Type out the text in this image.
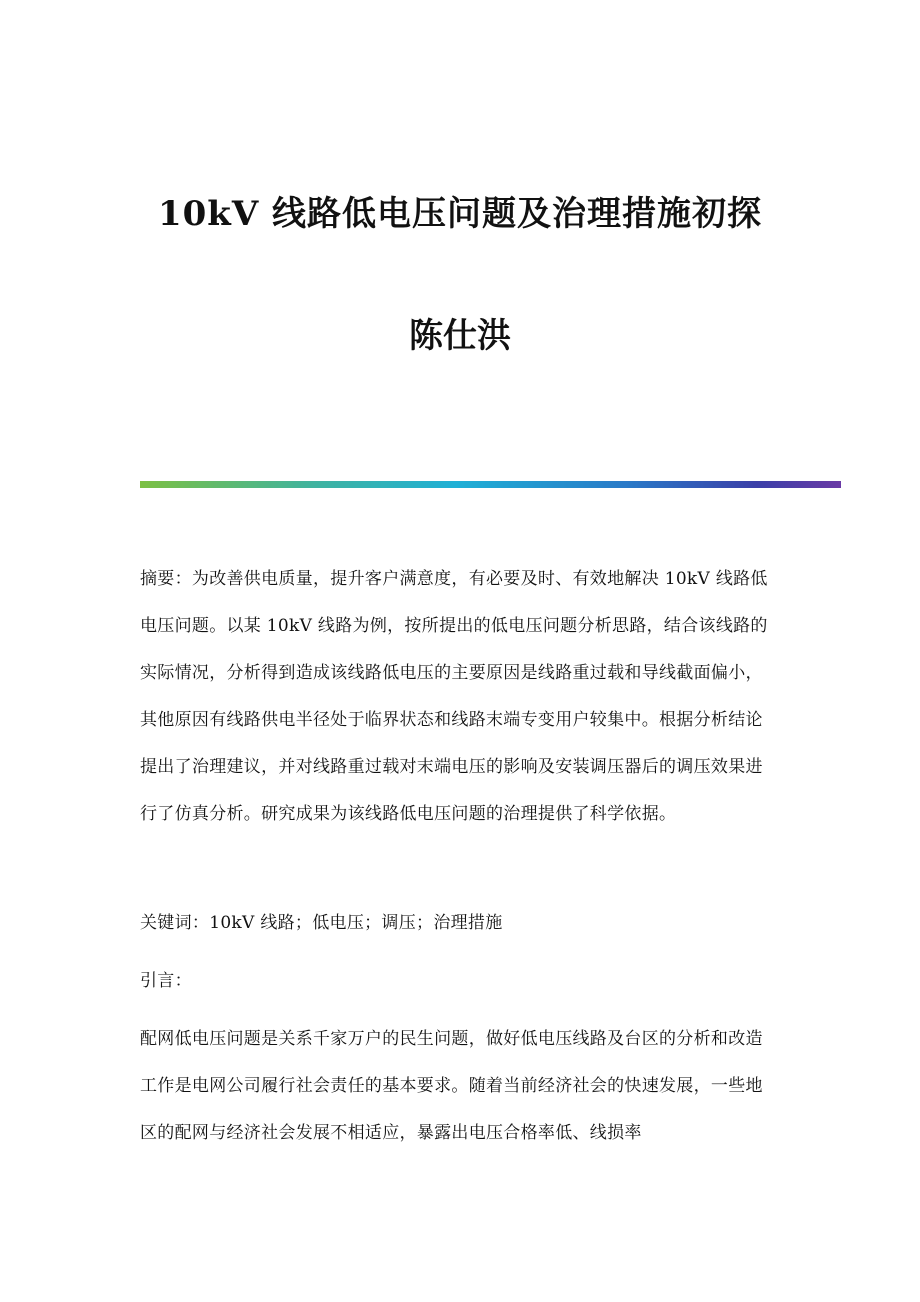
10kV 线路低电压问题及治理措施初探
陈仕洪

摘要：为改善供电质量，提升客户满意度，有必要及时、有效地解决 10kV 线路低电压问题。以某 10kV 线路为例，按所提出的低电压问题分析思路，结合该线路的实际情况，分析得到造成该线路低电压的主要原因是线路重过载和导线截面偏小，其他原因有线路供电半径处于临界状态和线路末端专变用户较集中。根据分析结论提出了治理建议，并对线路重过载对末端电压的影响及安装调压器后的调压效果进行了仿真分析。研究成果为该线路低电压问题的治理提供了科学依据。

关键词：10kV 线路；低电压；调压；治理措施

引言：

配网低电压问题是关系千家万户的民生问题，做好低电压线路及台区的分析和改造工作是电网公司履行社会责任的基本要求。随着当前经济社会的快速发展，一些地区的配网与经济社会发展不相适应，暴露出电压合格率低、线损率
